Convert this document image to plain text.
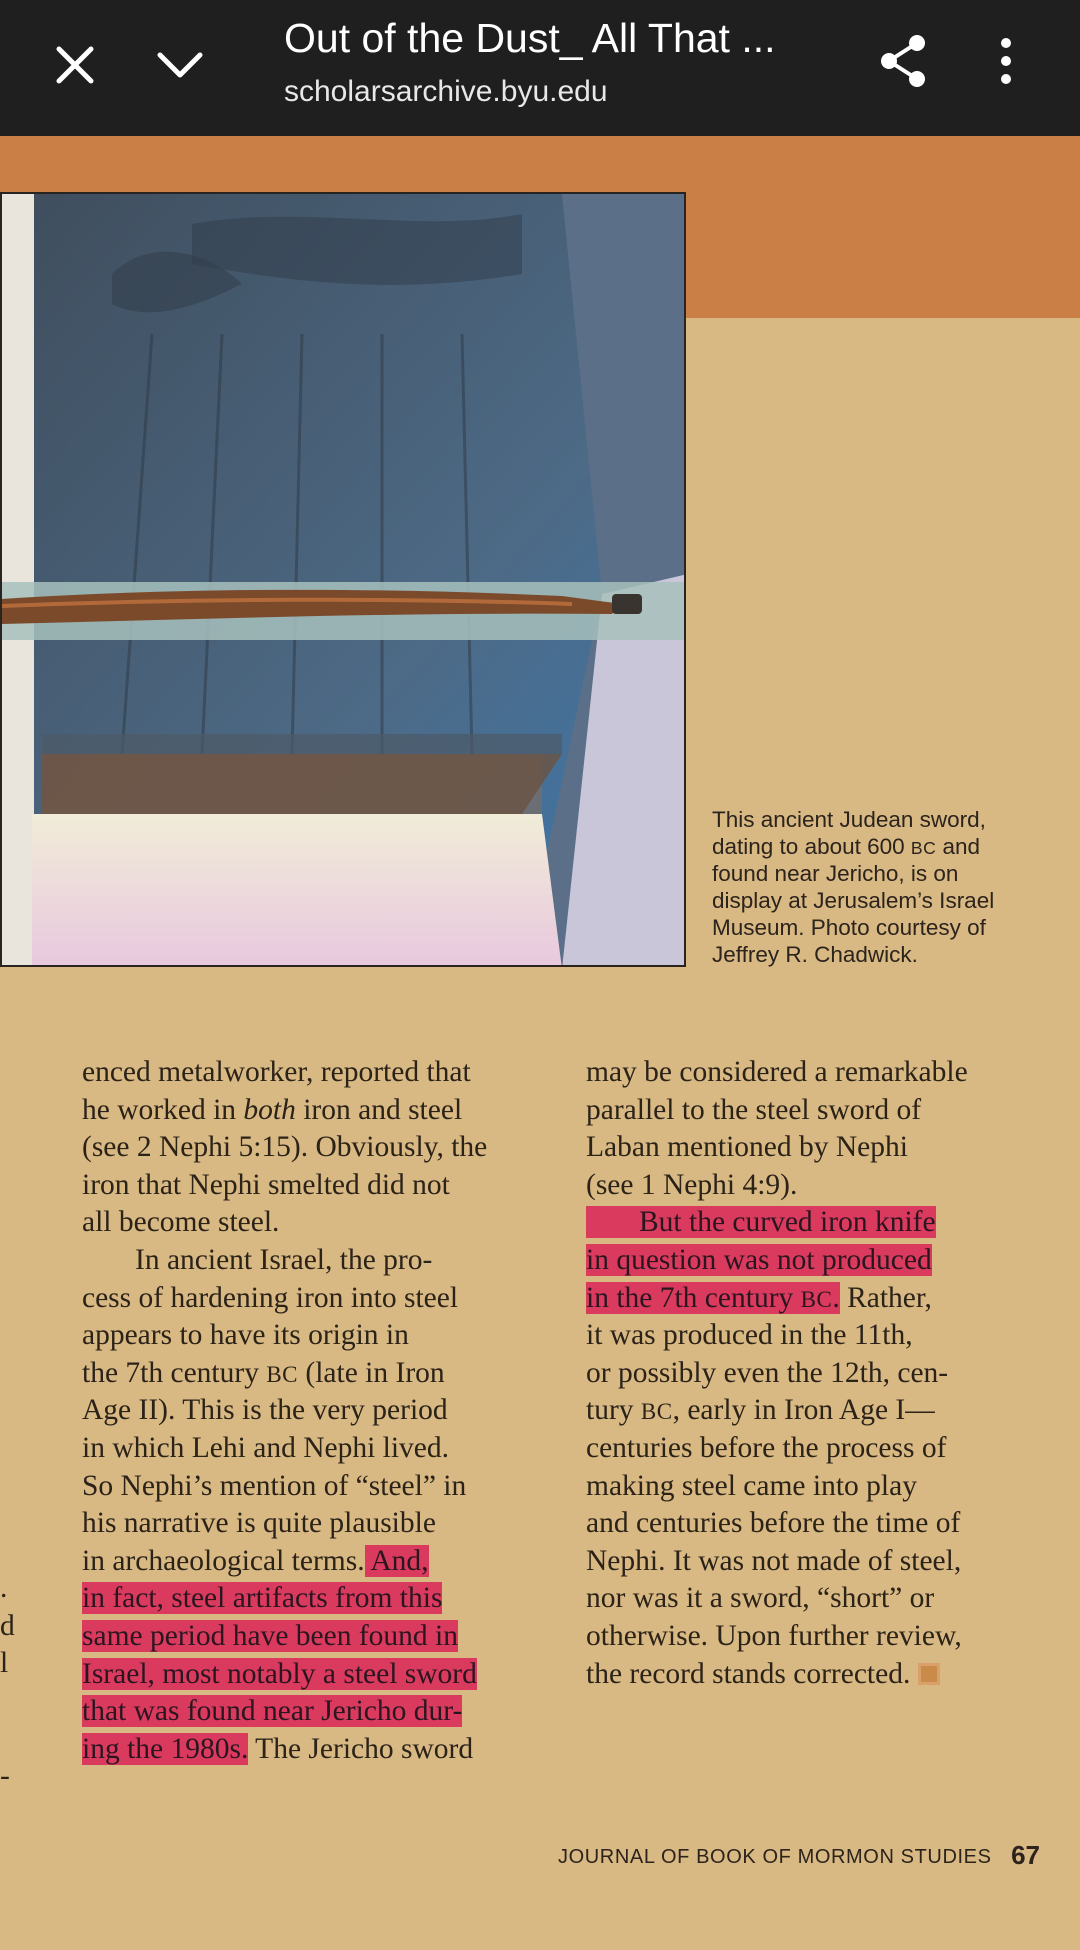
Out of the Dust_ All That ...
scholarsarchive.byu.edu
This ancient Judean sword,
dating to about 600 BC and
found near Jericho, is on
display at Jerusalem’s Israel
Museum. Photo courtesy of
Jeffrey R. Chadwick.
.
d
l
-
enced metalworker, reported that
he worked in both iron and steel
(see 2 Nephi 5:15). Obviously, the
iron that Nephi smelted did not
all become steel.
In ancient Israel, the pro-
cess of hardening iron into steel
appears to have its origin in
the 7th century BC (late in Iron
Age II). This is the very period
in which Lehi and Nephi lived.
So Nephi’s mention of “steel” in
his narrative is quite plausible
in archaeological terms. And,
in fact, steel artifacts from this
same period have been found in
Israel, most notably a steel sword
that was found near Jericho dur-
ing the 1980s. The Jericho sword
may be considered a remarkable
parallel to the steel sword of
Laban mentioned by Nephi
(see 1 Nephi 4:9).
But the curved iron knife
in question was not produced
in the 7th century BC. Rather,
it was produced in the 11th,
or possibly even the 12th, cen-
tury BC, early in Iron Age I—
centuries before the process of
making steel came into play
and centuries before the time of
Nephi. It was not made of steel,
nor was it a sword, “short” or
otherwise. Upon further review,
the record stands corrected.
JOURNAL OF BOOK OF MORMON STUDIES 67
